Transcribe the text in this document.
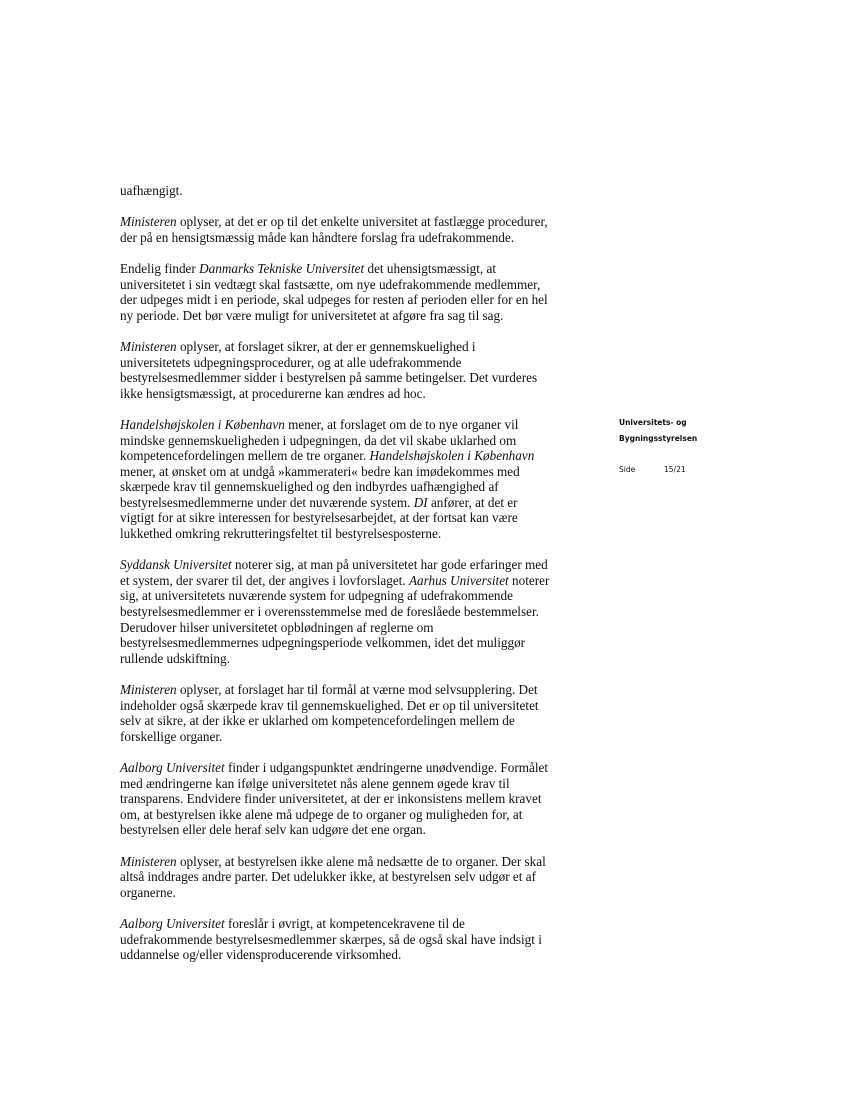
uafhængigt.
Ministeren oplyser, at det er op til det enkelte universitet at fastlægge procedurer,
der på en hensigtsmæssig måde kan håndtere forslag fra udefrakommende.
Endelig finder Danmarks Tekniske Universitet det uhensigtsmæssigt, at
universitetet i sin vedtægt skal fastsætte, om nye udefrakommende medlemmer,
der udpeges midt i en periode, skal udpeges for resten af perioden eller for en hel
ny periode. Det bør være muligt for universitetet at afgøre fra sag til sag.
Ministeren oplyser, at forslaget sikrer, at der er gennemskuelighed i
universitetets udpegningsprocedurer, og at alle udefrakommende
bestyrelsesmedlemmer sidder i bestyrelsen på samme betingelser. Det vurderes
ikke hensigtsmæssigt, at procedurerne kan ændres ad hoc.
Handelshøjskolen i København mener, at forslaget om de to nye organer vil
mindske gennemskueligheden i udpegningen, da det vil skabe uklarhed om
kompetencefordelingen mellem de tre organer. Handelshøjskolen i København
mener, at ønsket om at undgå »kammerateri« bedre kan imødekommes med
skærpede krav til gennemskuelighed og den indbyrdes uafhængighed af
bestyrelsesmedlemmerne under det nuværende system. DI anfører, at det er
vigtigt for at sikre interessen for bestyrelsesarbejdet, at der fortsat kan være
lukkethed omkring rekrutteringsfeltet til bestyrelsesposterne.
Syddansk Universitet noterer sig, at man på universitetet har gode erfaringer med
et system, der svarer til det, der angives i lovforslaget. Aarhus Universitet noterer
sig, at universitetets nuværende system for udpegning af udefrakommende
bestyrelsesmedlemmer er i overensstemmelse med de foreslåede bestemmelser.
Derudover hilser universitetet opblødningen af reglerne om
bestyrelsesmedlemmernes udpegningsperiode velkommen, idet det muliggør
rullende udskiftning.
Ministeren oplyser, at forslaget har til formål at værne mod selvsupplering. Det
indeholder også skærpede krav til gennemskuelighed. Det er op til universitetet
selv at sikre, at der ikke er uklarhed om kompetencefordelingen mellem de
forskellige organer.
Aalborg Universitet finder i udgangspunktet ændringerne unødvendige. Formålet
med ændringerne kan ifølge universitetet nås alene gennem øgede krav til
transparens. Endvidere finder universitetet, at der er inkonsistens mellem kravet
om, at bestyrelsen ikke alene må udpege de to organer og muligheden for, at
bestyrelsen eller dele heraf selv kan udgøre det ene organ.
Ministeren oplyser, at bestyrelsen ikke alene må nedsætte de to organer. Der skal
altså inddrages andre parter. Det udelukker ikke, at bestyrelsen selv udgør et af
organerne.
Aalborg Universitet foreslår i øvrigt, at kompetencekravene til de
udefrakommende bestyrelsesmedlemmer skærpes, så de også skal have indsigt i
uddannelse og/eller vidensproducerende virksomhed.
Universitets- og
Bygningsstyrelsen
Side	15/21
